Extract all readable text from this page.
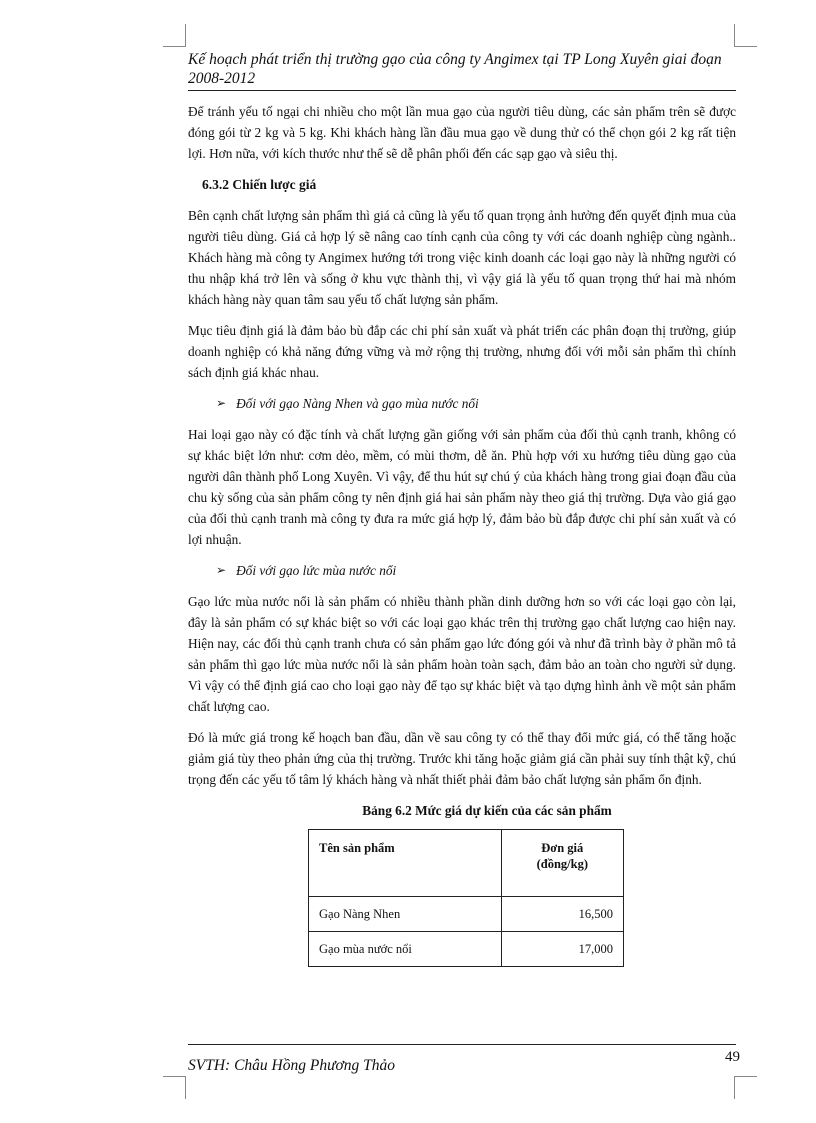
Kế hoạch phát triển thị trường gạo của công ty Angimex tại TP Long Xuyên giai đoạn 2008-2012

Để tránh yếu tố ngại chi nhiều cho một lần mua gạo của người tiêu dùng, các sản phẩm trên sẽ được đóng gói từ 2 kg và 5 kg. Khi khách hàng lần đầu mua gạo về dung thử có thể chọn gói 2 kg rất tiện lợi. Hơn nữa, với kích thước như thế sẽ dễ phân phối đến các sạp gạo và siêu thị.

6.3.2 Chiến lược giá

Bên cạnh chất lượng sản phẩm thì giá cả cũng là yếu tố quan trọng ảnh hưởng đến quyết định mua của người tiêu dùng. Giá cả hợp lý sẽ nâng cao tính cạnh của công ty với các doanh nghiệp cùng ngành.. Khách hàng mà công ty Angimex hướng tới trong việc kinh doanh các loại gạo này là những người có thu nhập khá trở lên và sống ở khu vực thành thị, vì vậy giá là yếu tố quan trọng thứ hai mà nhóm khách hàng này quan tâm sau yếu tố chất lượng sản phẩm.

Mục tiêu định giá là đảm bảo bù đắp các chi phí sản xuất và phát triển các phân đoạn thị trường, giúp doanh nghiệp có khả năng đứng vững và mở rộng thị trường, nhưng đối với mỗi sản phẩm thì chính sách định giá khác nhau.

➢ Đối với gạo Nàng Nhen và gạo mùa nước nổi

Hai loại gạo này có đặc tính và chất lượng gần giống với sản phẩm của đối thủ cạnh tranh, không có sự khác biệt lớn như: cơm dẻo, mềm, có mùi thơm, dễ ăn. Phù hợp với xu hướng tiêu dùng gạo của người dân thành phố Long Xuyên. Vì vậy, để thu hút sự chú ý của khách hàng trong giai đoạn đầu của chu kỳ sống của sản phẩm công ty nên định giá hai sản phẩm này theo giá thị trường. Dựa vào giá gạo của đối thủ cạnh tranh mà công ty đưa ra mức giá hợp lý, đảm bảo bù đắp được chi phí sản xuất và có lợi nhuận.

➢ Đối với gạo lức mùa nước nổi

Gạo lức mùa nước nổi là sản phẩm có nhiều thành phần dinh dưỡng hơn so với các loại gạo còn lại, đây là sản phẩm có sự khác biệt so với các loại gạo khác trên thị trường gạo chất lượng cao hiện nay. Hiện nay, các đối thủ cạnh tranh chưa có sản phẩm gạo lức đóng gói và như đã trình bày ở phần mô tả sản phẩm thì gạo lức mùa nước nổi là sản phẩm hoàn toàn sạch, đảm bảo an toàn cho người sử dụng. Vì vậy có thể định giá cao cho loại gạo này để tạo sự khác biệt và tạo dựng hình ảnh về một sản phẩm chất lượng cao.

Đó là mức giá trong kế hoạch ban đầu, dần về sau công ty có thể thay đổi mức giá, có thể tăng hoặc giảm giá tùy theo phản ứng của thị trường. Trước khi tăng hoặc giảm giá cần phải suy tính thật kỹ, chú trọng đến các yếu tố tâm lý khách hàng và nhất thiết phải đảm bảo chất lượng sản phẩm ổn định.

Bảng 6.2 Mức giá dự kiến của các sản phẩm
Tên sản phẩm	Đơn giá
(đồng/kg)
Gạo Nàng Nhen	16,500
Gạo mùa nước nổi	17,000
SVTH: Châu Hồng Phương Thảo	49
